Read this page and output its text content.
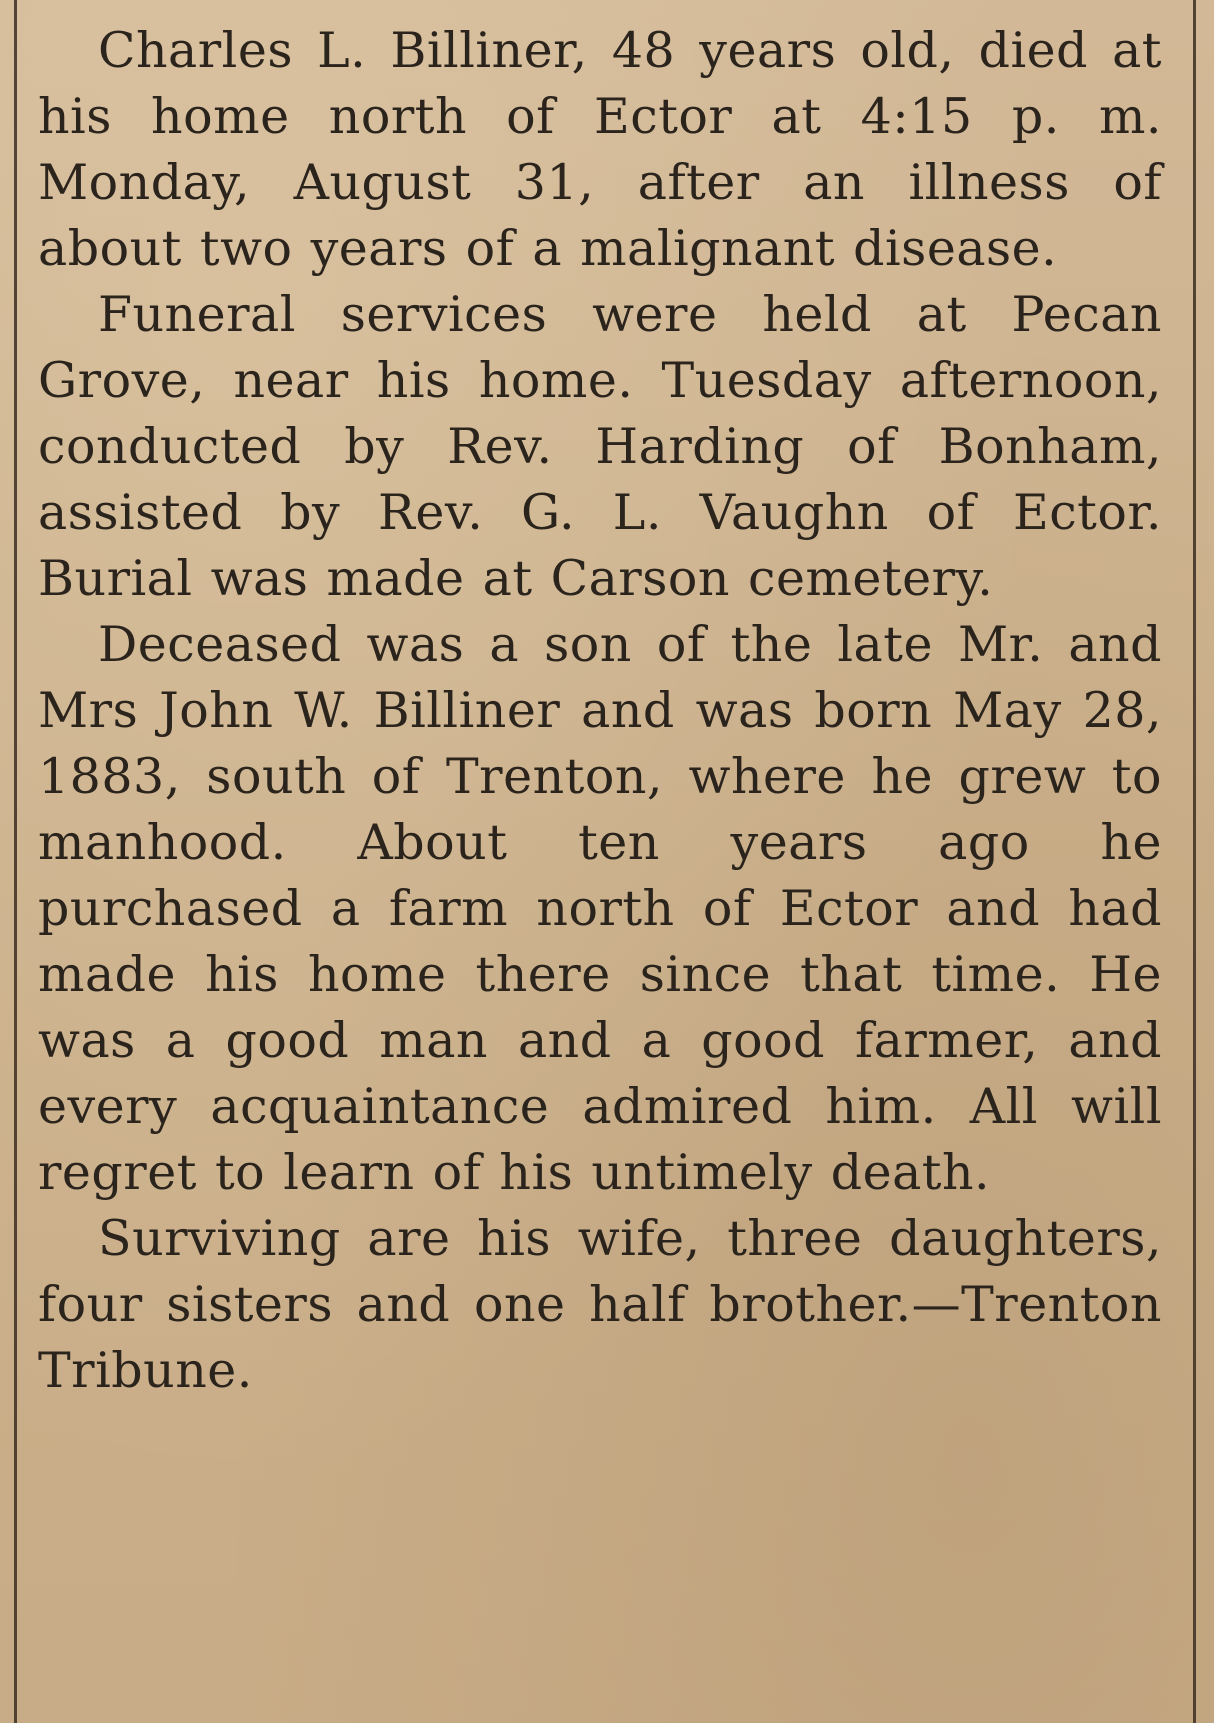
Charles L. Billiner, 48 years old, died at his home north of Ector at 4:15 p. m. Monday, August 31, after an illness of about two years of a malignant disease.

Funeral services were held at Pecan Grove, near his home. Tuesday afternoon, conducted by Rev. Harding of Bonham, assisted by Rev. G. L. Vaughn of Ector. Burial was made at Carson cemetery.

Deceased was a son of the late Mr. and Mrs John W. Billiner and was born May 28, 1883, south of Trenton, where he grew to manhood. About ten years ago he purchased a farm north of Ector and had made his home there since that time. He was a good man and a good farmer, and every acquaintance admired him. All will regret to learn of his untimely death.

Surviving are his wife, three daughters, four sisters and one half brother.—Trenton Tribune.
